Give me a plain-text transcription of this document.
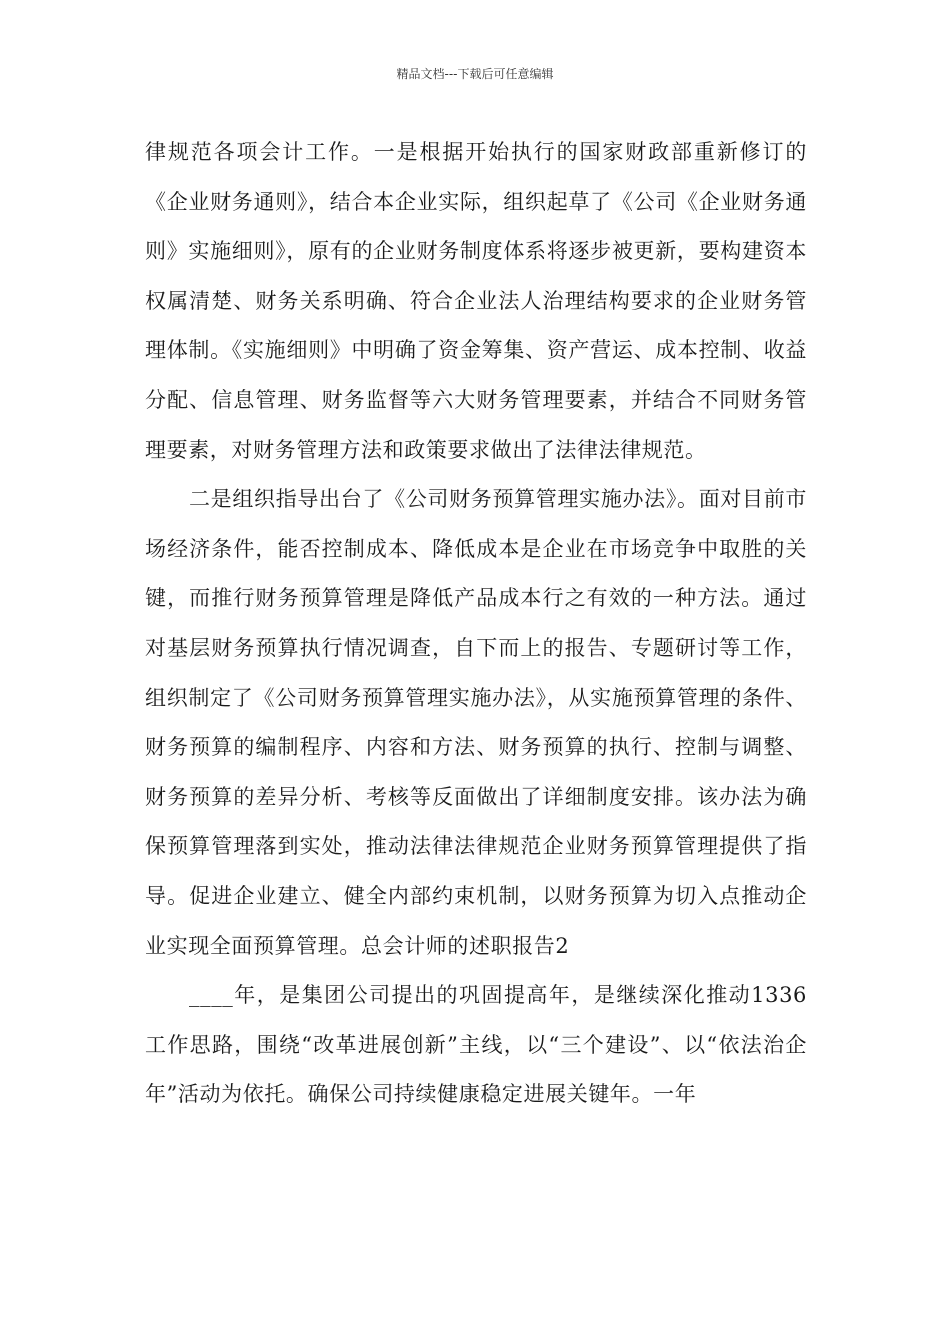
精品文档---下载后可任意编辑

律规范各项会计工作。一是根据开始执行的国家财政部重新修订的《企业财务通则》，结合本企业实际，组织起草了《公司《企业财务通则》实施细则》，原有的企业财务制度体系将逐步被更新，要构建资本权属清楚、财务关系明确、符合企业法人治理结构要求的企业财务管理体制。《实施细则》中明确了资金筹集、资产营运、成本控制、收益分配、信息管理、财务监督等六大财务管理要素，并结合不同财务管理要素，对财务管理方法和政策要求做出了法律法律规范。

二是组织指导出台了《公司财务预算管理实施办法》。面对目前市场经济条件，能否控制成本、降低成本是企业在市场竞争中取胜的关键，而推行财务预算管理是降低产品成本行之有效的一种方法。通过对基层财务预算执行情况调查，自下而上的报告、专题研讨等工作，组织制定了《公司财务预算管理实施办法》，从实施预算管理的条件、财务预算的编制程序、内容和方法、财务预算的执行、控制与调整、财务预算的差异分析、考核等反面做出了详细制度安排。该办法为确保预算管理落到实处，推动法律法律规范企业财务预算管理提供了指导。促进企业建立、健全内部约束机制，以财务预算为切入点推动企业实现全面预算管理。总会计师的述职报告2

____年，是集团公司提出的巩固提高年，是继续深化推动1336工作思路，围绕“改革进展创新”主线，以“三个建设”、以“依法治企年”活动为依托。确保公司持续健康稳定进展关键年。一年
